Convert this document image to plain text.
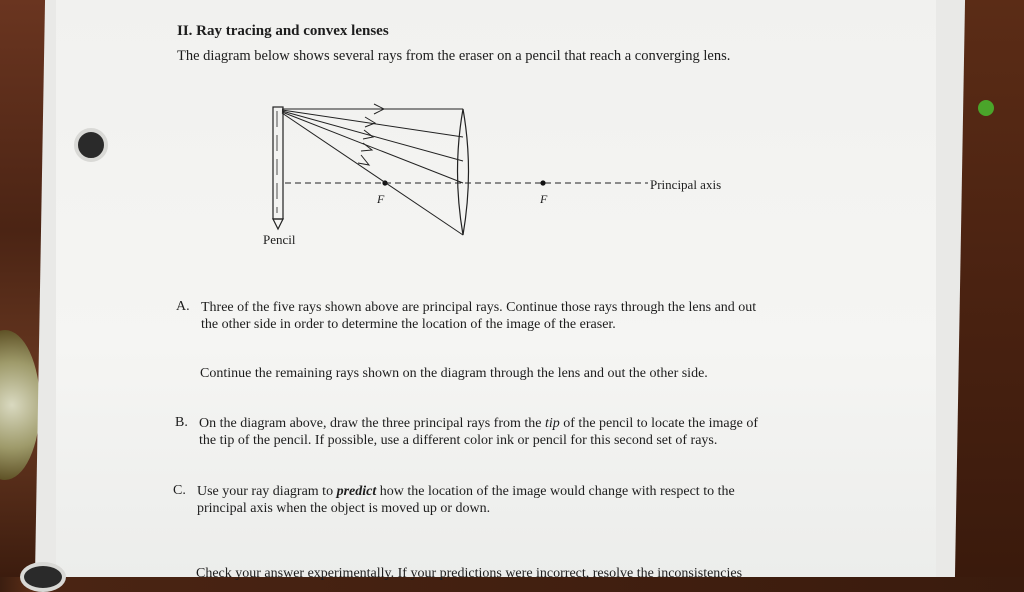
II. Ray tracing and convex lenses
The diagram below shows several rays from the eraser on a pencil that reach a converging lens.
Pencil
Principal axis
F	F
A. Three of the five rays shown above are principal rays. Continue those rays through the lens and out
the other side in order to determine the location of the image of the eraser.
Continue the remaining rays shown on the diagram through the lens and out the other side.
B. On the diagram above, draw the three principal rays from the tip of the pencil to locate the image of
the tip of the pencil. If possible, use a different color ink or pencil for this second set of rays.
C. Use your ray diagram to predict how the location of the image would change with respect to the
principal axis when the object is moved up or down.
Check your answer experimentally. If your predictions were incorrect, resolve the inconsistencies
